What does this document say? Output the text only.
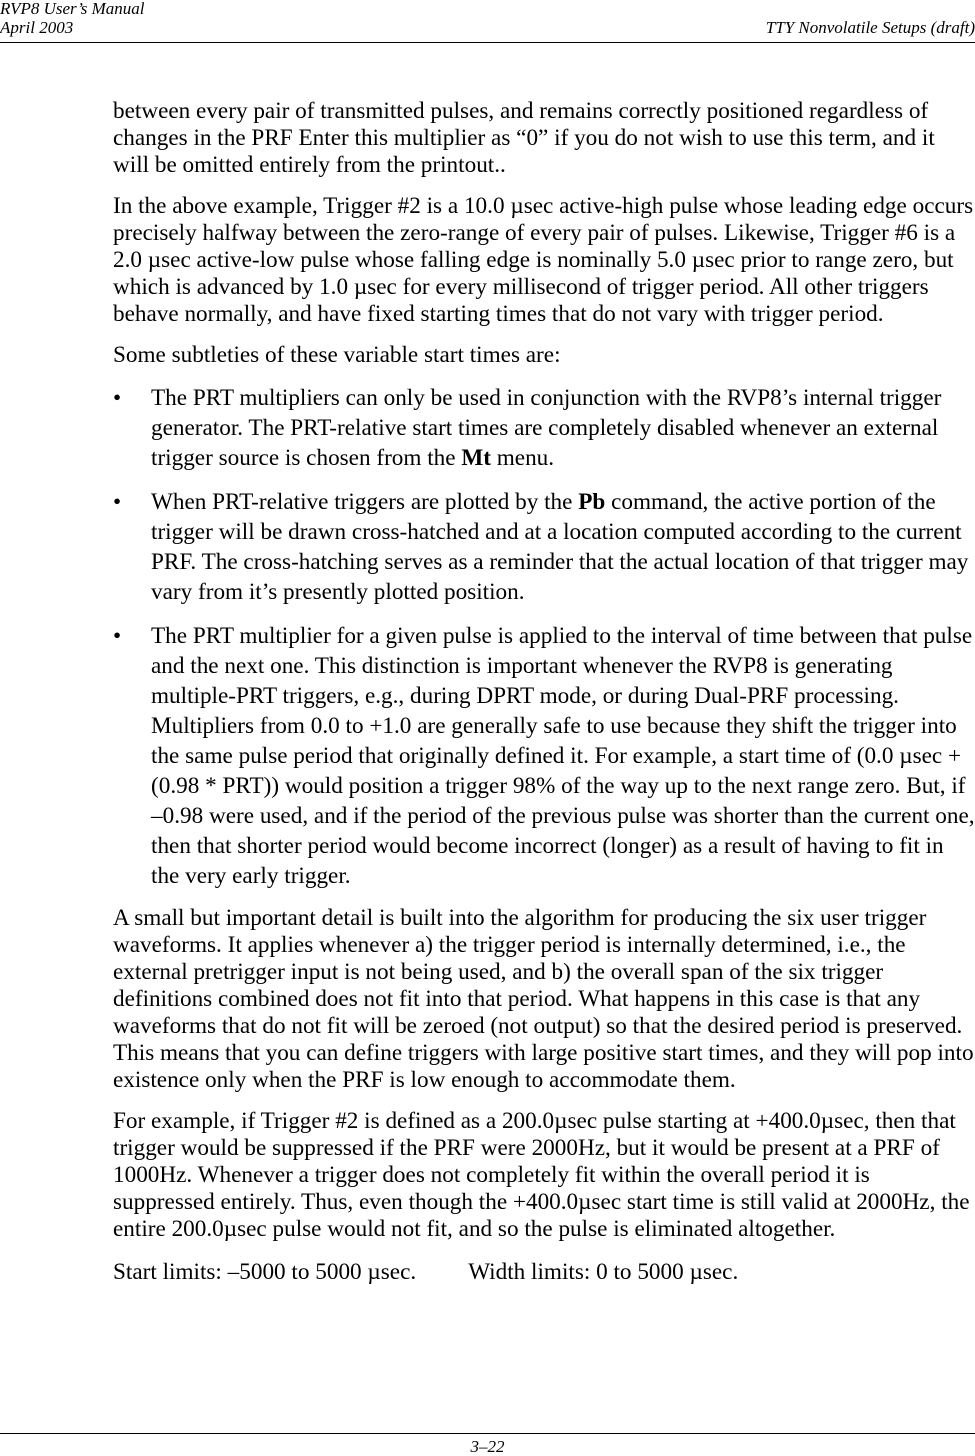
RVP8 User’s Manual
April 2003	TTY Nonvolatile Setups (draft)

between every pair of transmitted pulses, and remains correctly positioned regardless of changes in the PRF Enter this multiplier as “0” if you do not wish to use this term, and it will be omitted entirely from the printout..

In the above example, Trigger #2 is a 10.0 µsec active-high pulse whose leading edge occurs precisely halfway between the zero-range of every pair of pulses. Likewise, Trigger #6 is a 2.0 µsec active-low pulse whose falling edge is nominally 5.0 µsec prior to range zero, but which is advanced by 1.0 µsec for every millisecond of trigger period. All other triggers behave normally, and have fixed starting times that do not vary with trigger period.

Some subtleties of these variable start times are:

• The PRT multipliers can only be used in conjunction with the RVP8’s internal trigger generator. The PRT-relative start times are completely disabled whenever an external trigger source is chosen from the Mt menu.
• When PRT-relative triggers are plotted by the Pb command, the active portion of the trigger will be drawn cross-hatched and at a location computed according to the current PRF. The cross-hatching serves as a reminder that the actual location of that trigger may vary from it’s presently plotted position.
• The PRT multiplier for a given pulse is applied to the interval of time between that pulse and the next one. This distinction is important whenever the RVP8 is generating multiple-PRT triggers, e.g., during DPRT mode, or during Dual-PRF processing. Multipliers from 0.0 to +1.0 are generally safe to use because they shift the trigger into the same pulse period that originally defined it. For example, a start time of (0.0 µsec + (0.98 * PRT)) would position a trigger 98% of the way up to the next range zero. But, if –0.98 were used, and if the period of the previous pulse was shorter than the current one, then that shorter period would become incorrect (longer) as a result of having to fit in the very early trigger.

A small but important detail is built into the algorithm for producing the six user trigger waveforms. It applies whenever a) the trigger period is internally determined, i.e., the external pretrigger input is not being used, and b) the overall span of the six trigger definitions combined does not fit into that period. What happens in this case is that any waveforms that do not fit will be zeroed (not output) so that the desired period is preserved. This means that you can define triggers with large positive start times, and they will pop into existence only when the PRF is low enough to accommodate them.

For example, if Trigger #2 is defined as a 200.0µsec pulse starting at +400.0µsec, then that trigger would be suppressed if the PRF were 2000Hz, but it would be present at a PRF of 1000Hz. Whenever a trigger does not completely fit within the overall period it is suppressed entirely. Thus, even though the +400.0µsec start time is still valid at 2000Hz, the entire 200.0µsec pulse would not fit, and so the pulse is eliminated altogether.

Start limits: –5000 to 5000 µsec. Width limits: 0 to 5000 µsec.

3–22
